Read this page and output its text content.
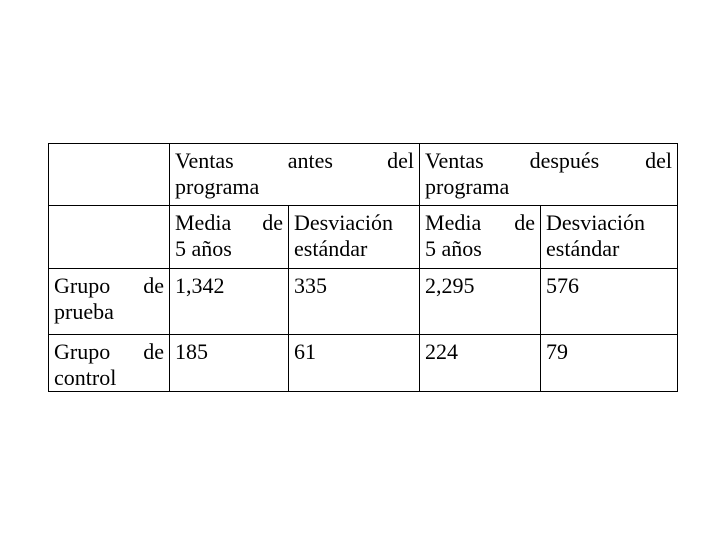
	Ventas antes del
programa		Ventas después del
programa	

	Media de
5 años	Desviación
estándar	Media de
5 años	Desviación
estándar

Grupo de
prueba	1,342	335	2,295	576

Grupo de
control	185	61	224	79
